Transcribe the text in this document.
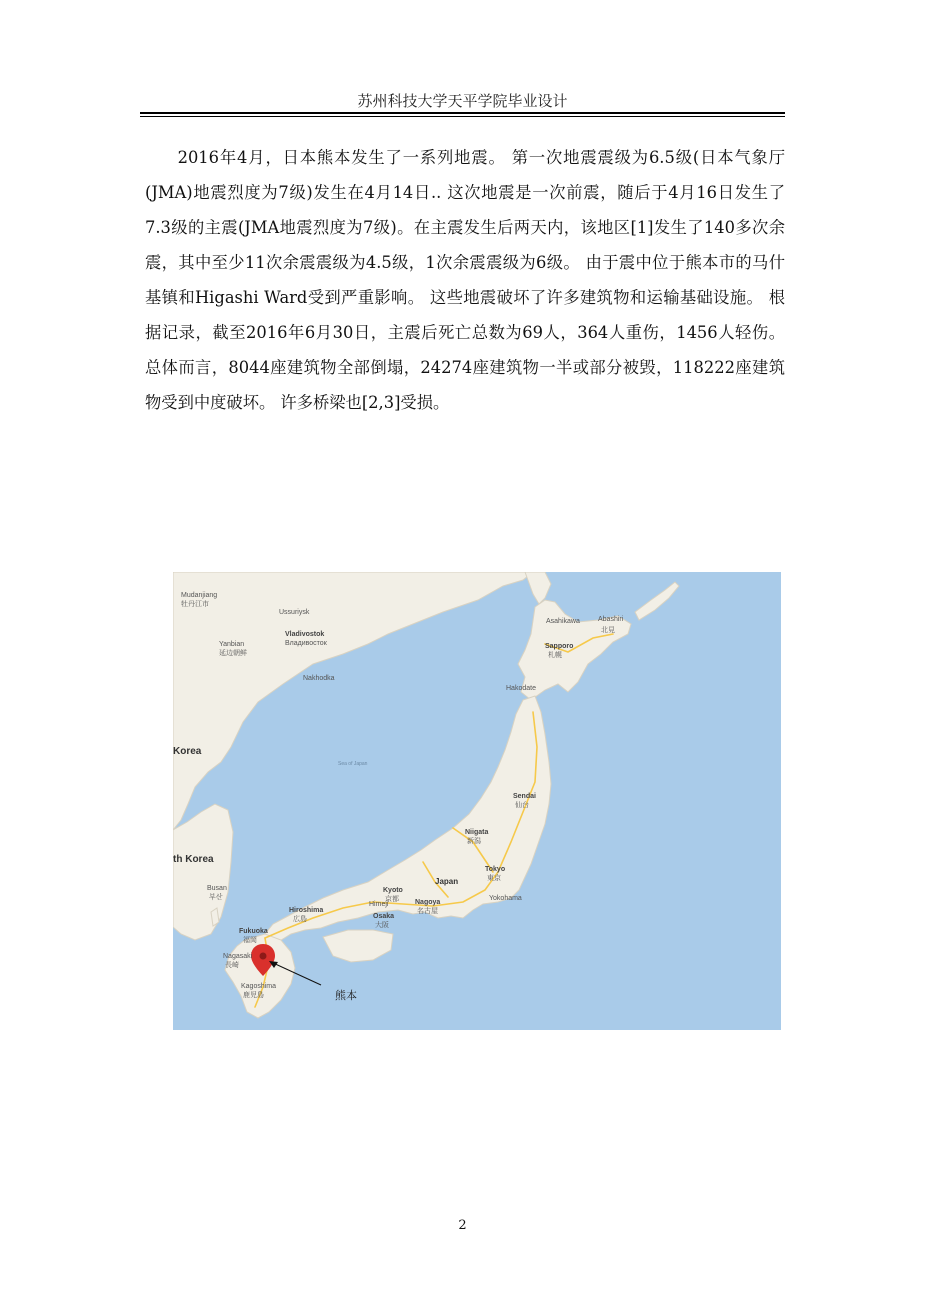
苏州科技大学天平学院毕业设计

2016年4月，日本熊本发生了一系列地震。 第一次地震震级为6.5级(日本气象厅(JMA)地震烈度为7级)发生在4月14日.. 这次地震是一次前震，随后于4月16日发生了7.3级的主震(JMA地震烈度为7级)。在主震发生后两天内，该地区[1]发生了140多次余震，其中至少11次余震震级为4.5级，1次余震震级为6级。 由于震中位于熊本市的马什基镇和Higashi Ward受到严重影响。 这些地震破坏了许多建筑物和运输基础设施。 根据记录，截至2016年6月30日，主震后死亡总数为69人，364人重伤，1456人轻伤。 总体而言，8044座建筑物全部倒塌，24274座建筑物一半或部分被毁，118222座建筑物受到中度破坏。 许多桥梁也[2,3]受损。

Mudanjiang
牡丹江市
Vladivostok
Владивосток
Ussuriysk
Yanbian
延边朝鲜
Nakhodka
Korea
Sea of Japan
th Korea
Busan
부산
Asahikawa	Abashiri
北見
Sapporo
札幌
Hakodate
Sendai
仙台
Niigata
新潟
Japan
Tokyo
東京
Yokohama
Kyoto
京都
Himeji	Nagoya
名古屋
Osaka
大阪
Hiroshima
広島
Fukuoka
福岡
Nagasaki
長崎
Kagoshima
鹿児島	熊本
2
